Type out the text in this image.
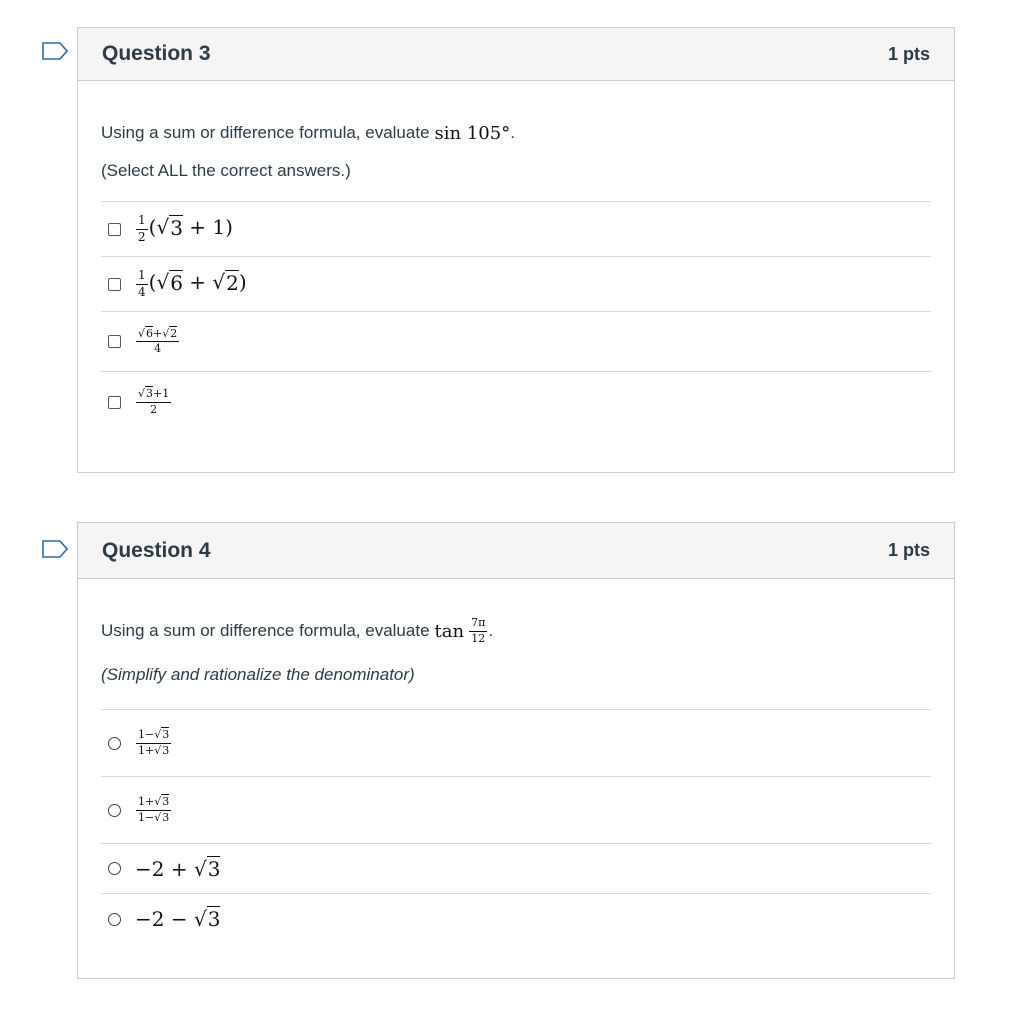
Question 3	1 pts
Using a sum or difference formula, evaluate sin 105° .
(Select ALL the correct answers.)
$\frac{1}{2} (√3 + 1)$
$\frac{1}{4} (√6 + √2)$
$\frac{√6+√2}{4}$
$\frac{√3+1}{2}$
Question 4	1 pts
Using a sum or difference formula, evaluate $\tan \frac{7\pi}{12}$ .
(Simplify and rationalize the denominator)
$\frac{1-√3}{1+√3}$
$\frac{1+√3}{1-√3}$
−2 + √3
−2 − √3
